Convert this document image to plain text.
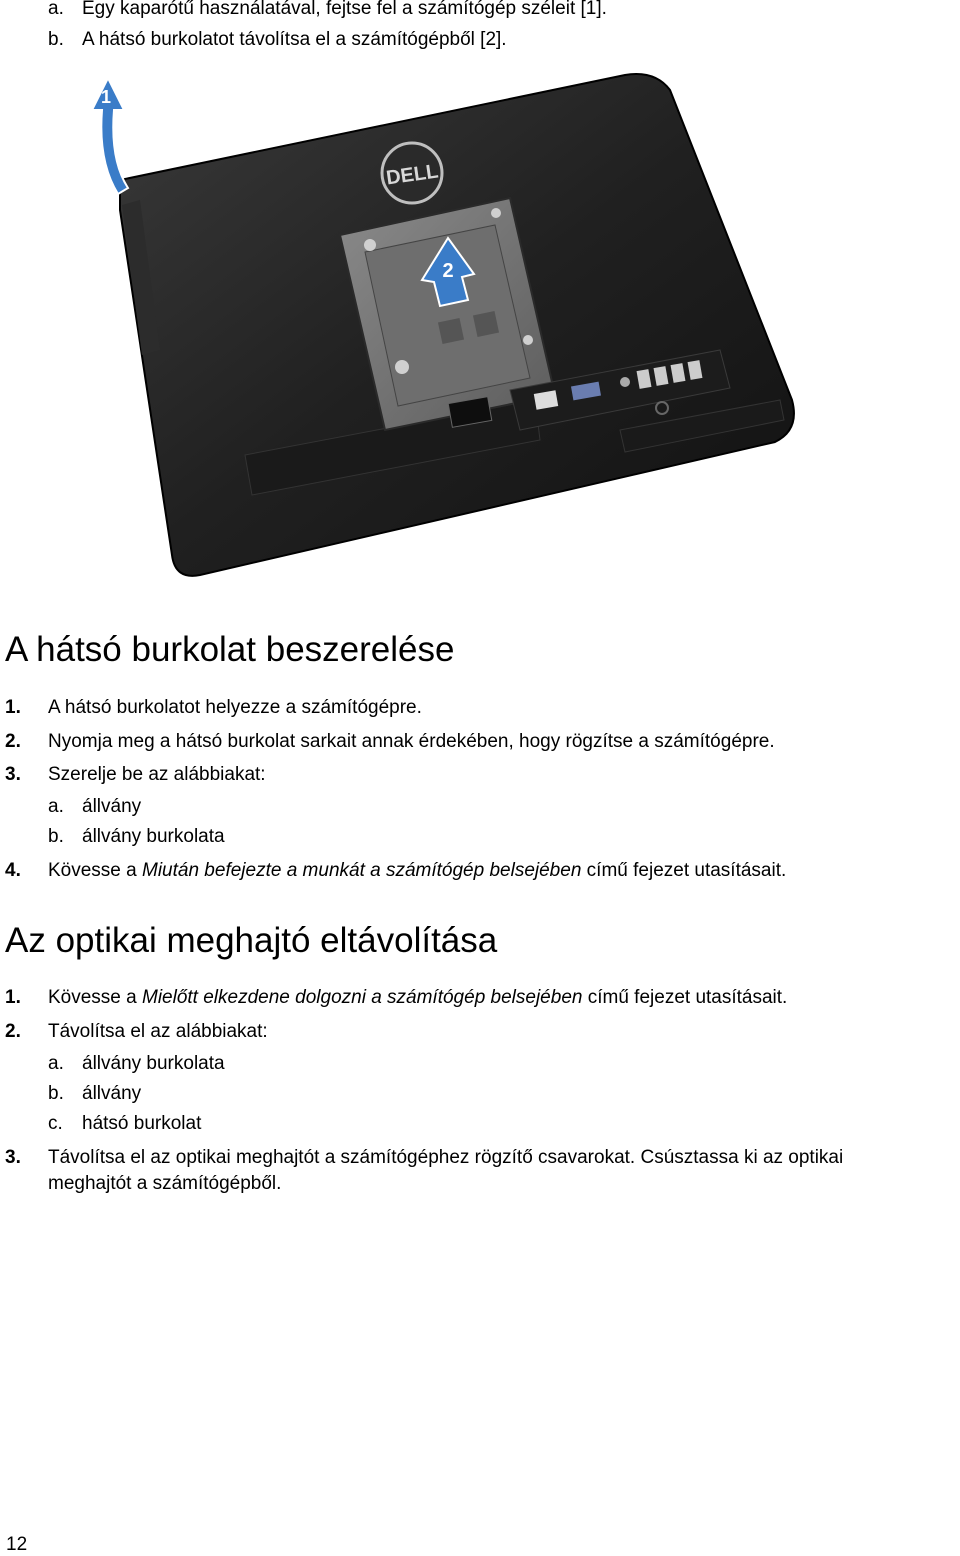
a. Egy kaparótű használatával, fejtse fel a számítógép széleit [1].
b. A hátsó burkolatot távolítsa el a számítógépből [2].
DELL
1
2
A hátsó burkolat beszerelése
1. A hátsó burkolatot helyezze a számítógépre.
2. Nyomja meg a hátsó burkolat sarkait annak érdekében, hogy rögzítse a számítógépre.
3. Szerelje be az alábbiakat:
a. állvány
b. állvány burkolata
4. Kövesse a Miután befejezte a munkát a számítógép belsejében című fejezet utasításait.
Az optikai meghajtó eltávolítása
1. Kövesse a Mielőtt elkezdene dolgozni a számítógép belsejében című fejezet utasításait.
2. Távolítsa el az alábbiakat:
a. állvány burkolata
b. állvány
c. hátsó burkolat
3. Távolítsa el az optikai meghajtót a számítógéphez rögzítő csavarokat. Csúsztassa ki az optikai
meghajtót a számítógépből.
12
